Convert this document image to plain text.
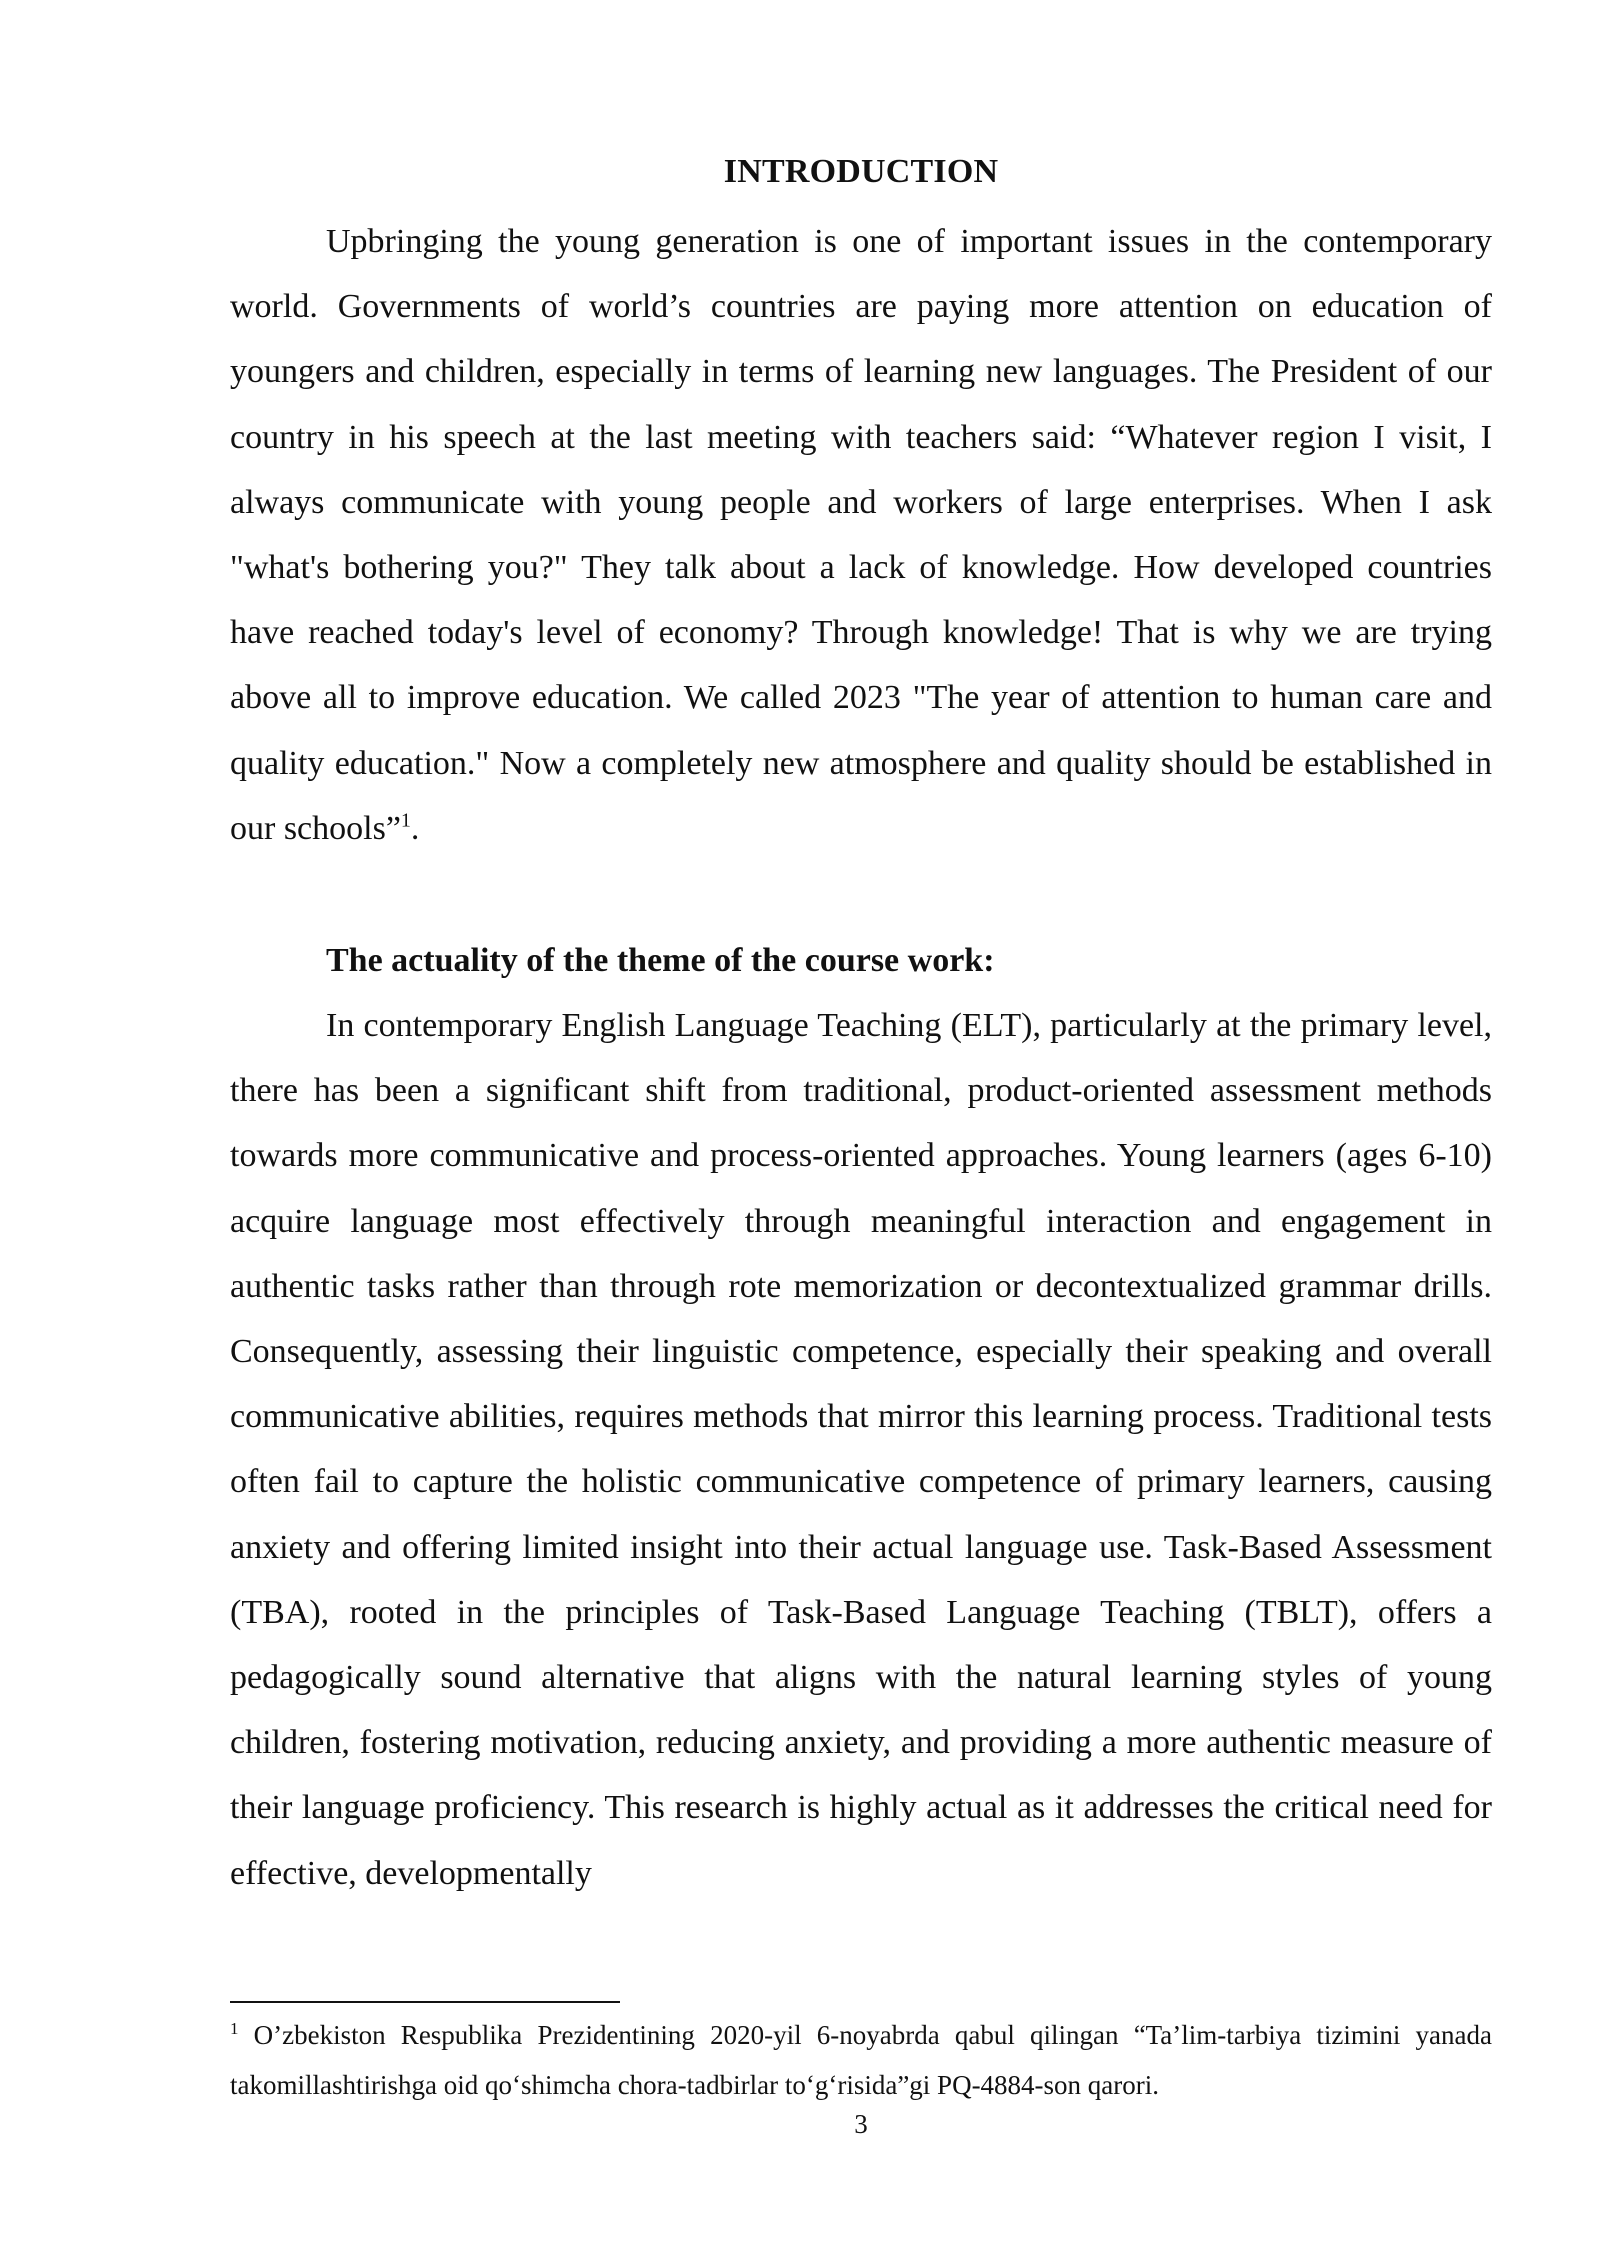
INTRODUCTION

Upbringing the young generation is one of important issues in the contemporary world. Governments of world’s countries are paying more attention on education of youngers and children, especially in terms of learning new languages. The President of our country in his speech at the last meeting with teachers said: “Whatever region I visit, I always communicate with young people and workers of large enterprises. When I ask "what's bothering you?" They talk about a lack of knowledge. How developed countries have reached today's level of economy? Through knowledge! That is why we are trying above all to improve education. We called 2023 "The year of attention to human care and quality education." Now a completely new atmosphere and quality should be established in our schools”$^1$.

The actuality of the theme of the course work:

In contemporary English Language Teaching (ELT), particularly at the primary level, there has been a significant shift from traditional, product-oriented assessment methods towards more communicative and process-oriented approaches. Young learners (ages 6-10) acquire language most effectively through meaningful interaction and engagement in authentic tasks rather than through rote memorization or decontextualized grammar drills. Consequently, assessing their linguistic competence, especially their speaking and overall communicative abilities, requires methods that mirror this learning process. Traditional tests often fail to capture the holistic communicative competence of primary learners, causing anxiety and offering limited insight into their actual language use. Task-Based Assessment (TBA), rooted in the principles of Task-Based Language Teaching (TBLT), offers a pedagogically sound alternative that aligns with the natural learning styles of young children, fostering motivation, reducing anxiety, and providing a more authentic measure of their language proficiency. This research is highly actual as it addresses the critical need for effective, developmentally

$^1$ O’zbekiston Respublika Prezidentining 2020-yil 6-noyabrda qabul qilingan “Ta’lim-tarbiya tizimini yanada takomillashtirishga oid qo‘shimcha chora-tadbirlar to‘g‘risida”gi PQ-4884-son qarori.

3
